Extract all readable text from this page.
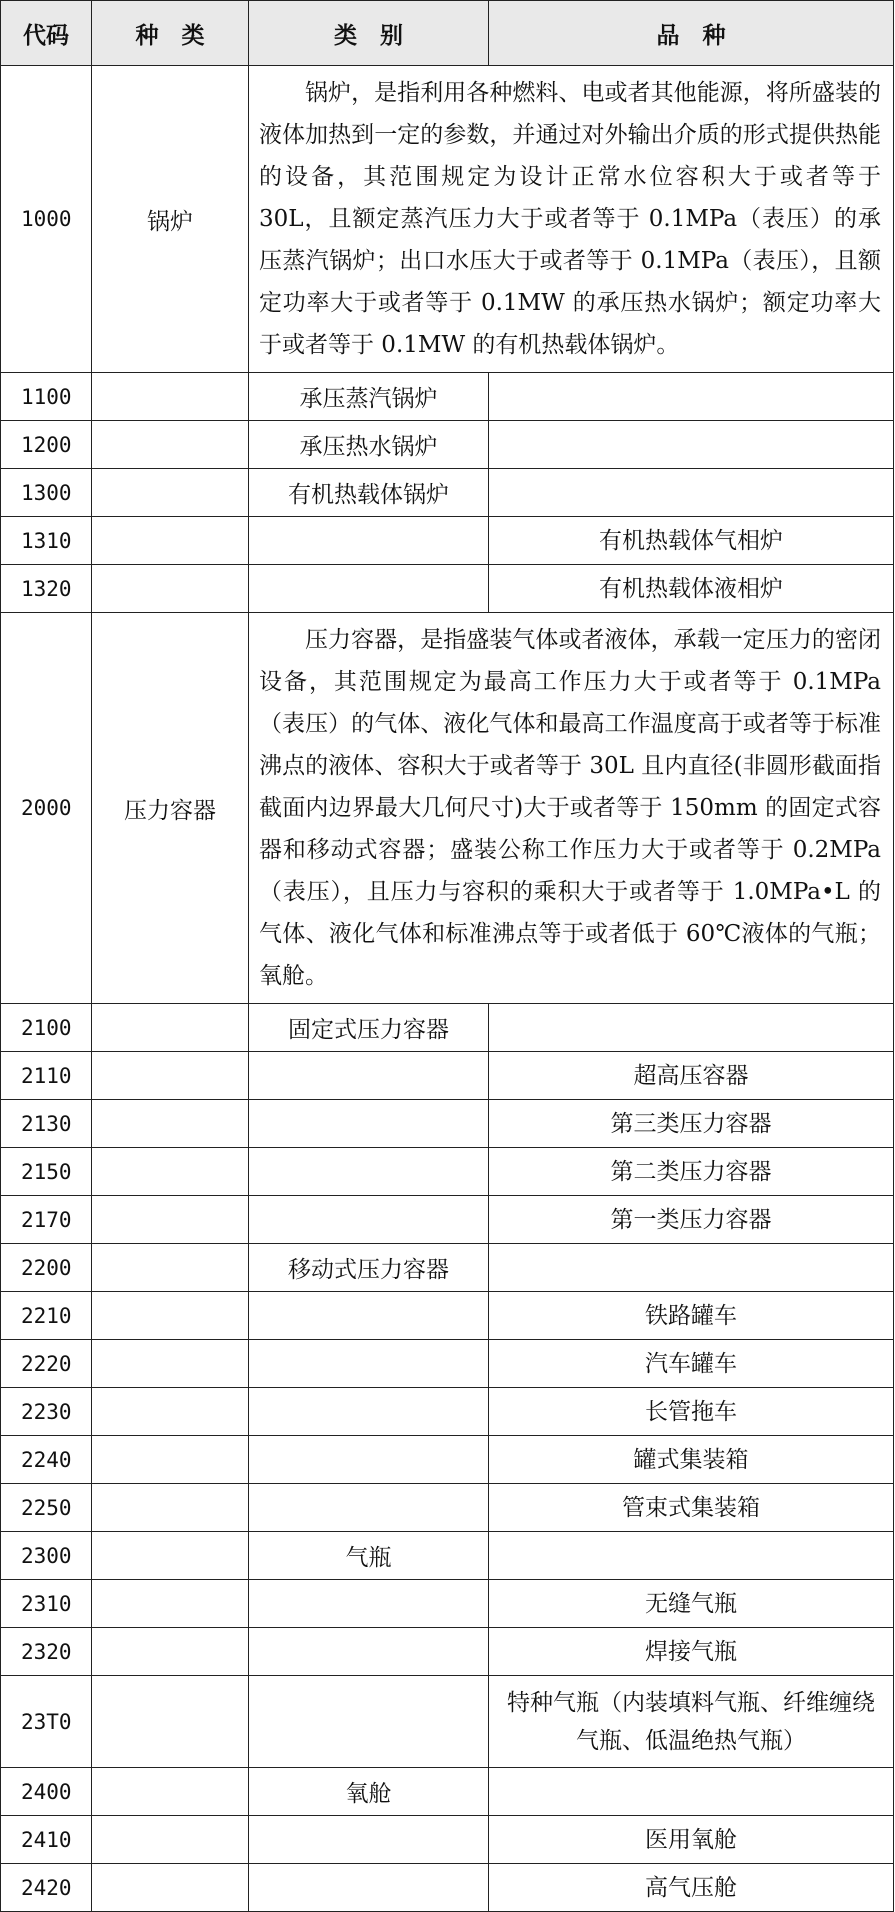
代码	种　类	类　别	品　种
1000	锅炉	锅炉，是指利用各种燃料、电或者其他能源，将所盛装的液体加热到一定的参数，并通过对外输出介质的形式提供热能的设备，其范围规定为设计正常水位容积大于或者等于 30L，且额定蒸汽压力大于或者等于 0.1MPa（表压）的承压蒸汽锅炉；出口水压大于或者等于 0.1MPa（表压），且额定功率大于或者等于 0.1MW 的承压热水锅炉；额定功率大于或者等于 0.1MW 的有机热载体锅炉。	

1100		承压蒸汽锅炉	
1200		承压热水锅炉	
1300		有机热载体锅炉	
1310			有机热载体气相炉
1320			有机热载体液相炉
2000	压力容器	压力容器，是指盛装气体或者液体，承载一定压力的密闭设备，其范围规定为最高工作压力大于或者等于 0.1MPa（表压）的气体、液化气体和最高工作温度高于或者等于标准沸点的液体、容积大于或者等于 30L 且内直径(非圆形截面指截面内边界最大几何尺寸)大于或者等于 150mm 的固定式容器和移动式容器；盛装公称工作压力大于或者等于 0.2MPa（表压），且压力与容积的乘积大于或者等于 1.0MPa•L 的气体、液化气体和标准沸点等于或者低于 60℃液体的气瓶；氧舱。	

2100		固定式压力容器	
2110			超高压容器
2130			第三类压力容器
2150			第二类压力容器
2170			第一类压力容器
2200		移动式压力容器	
2210			铁路罐车
2220			汽车罐车
2230			长管拖车
2240			罐式集装箱
2250			管束式集装箱
2300		气瓶	
2310			无缝气瓶
2320			焊接气瓶
23T0			特种气瓶（内装填料气瓶、纤维缠绕
气瓶、低温绝热气瓶）

2400		氧舱	
2410			医用氧舱
2420			高气压舱
